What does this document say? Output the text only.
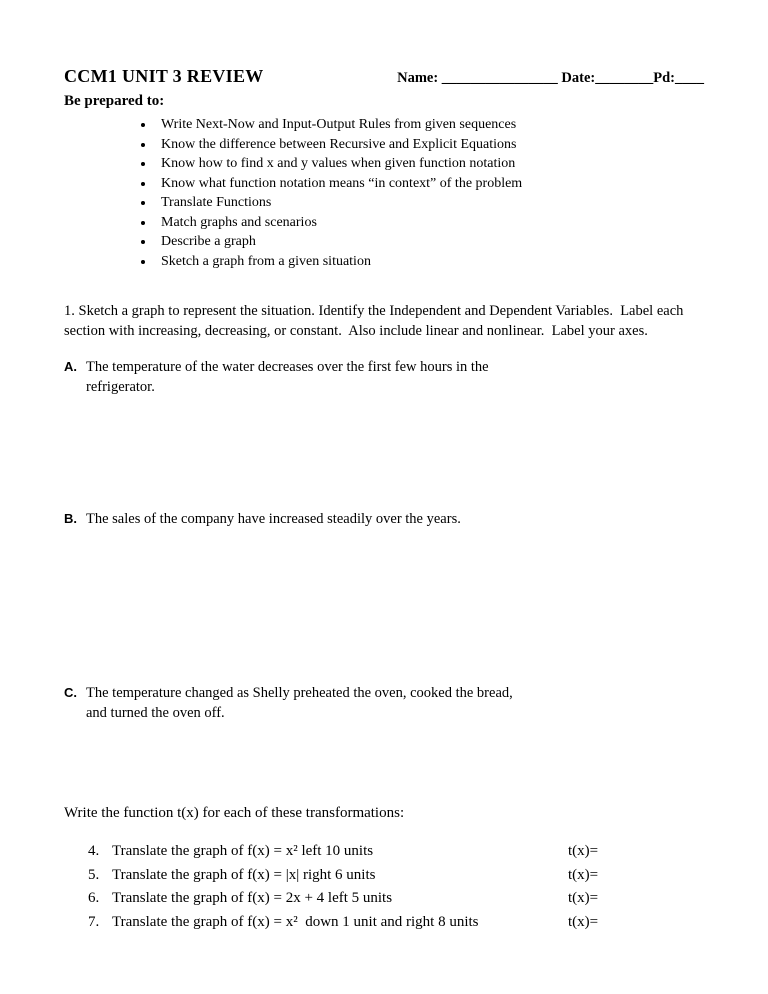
CCM1 UNIT 3 REVIEW	Name: ________________ Date:________Pd:____
Be prepared to:
• Write Next-Now and Input-Output Rules from given sequences
• Know the difference between Recursive and Explicit Equations
• Know how to find x and y values when given function notation
• Know what function notation means “in context” of the problem
• Translate Functions
• Match graphs and scenarios
• Describe a graph
• Sketch a graph from a given situation
1. Sketch a graph to represent the situation. Identify the Independent and Dependent Variables.  Label each section with increasing, decreasing, or constant.  Also include linear and nonlinear.  Label your axes.
A. The temperature of the water decreases over the first few hours in the refrigerator.
B. The sales of the company have increased steadily over the years.
C. The temperature changed as Shelly preheated the oven, cooked the bread, and turned the oven off.
Write the function t(x) for each of these transformations:
4. Translate the graph of f(x) = x² left 10 units	t(x)=
5. Translate the graph of f(x) = |x| right 6 units	t(x)=
6. Translate the graph of f(x) = 2x + 4 left 5 units	t(x)=
7. Translate the graph of f(x) = x²  down 1 unit and right 8 units	t(x)=
